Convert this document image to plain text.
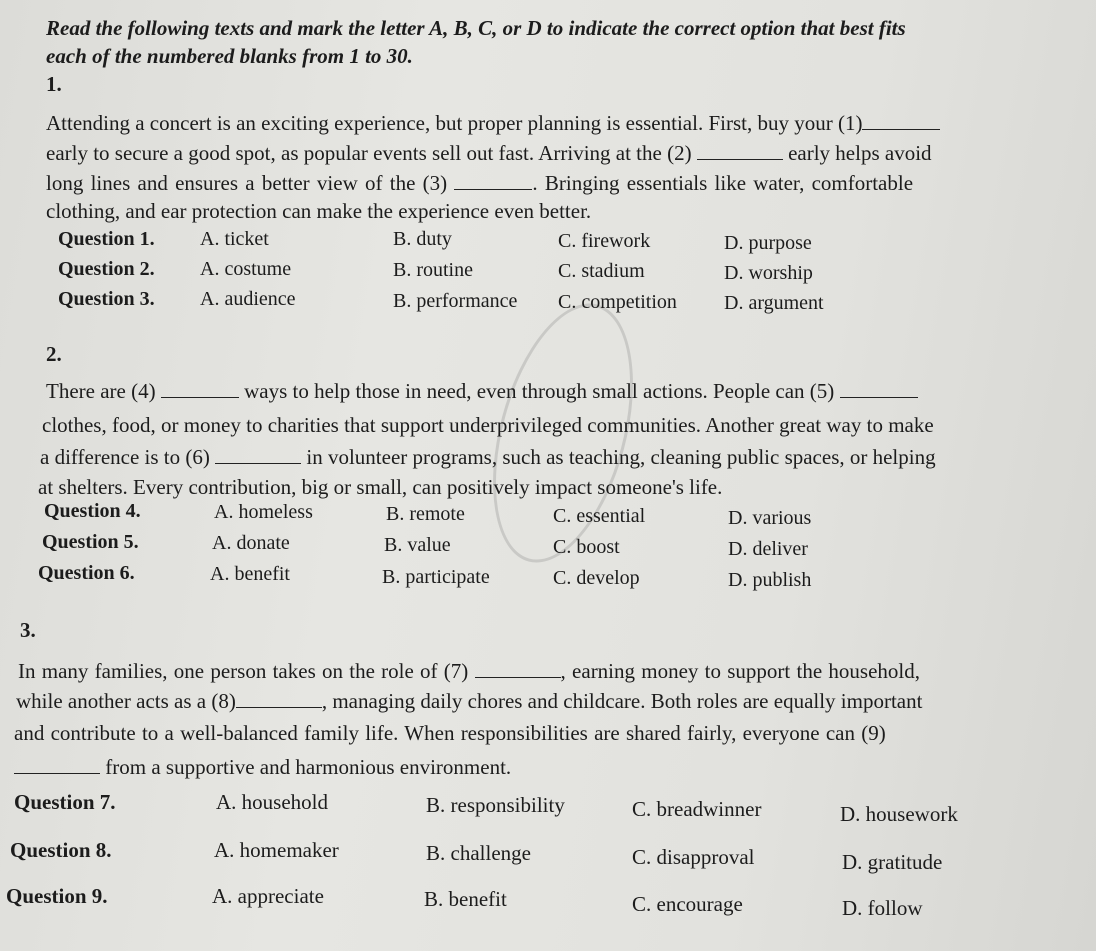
Read the following texts and mark the letter A, B, C, or D to indicate the correct option that best fits
each of the numbered blanks from 1 to 30.
1.
Attending a concert is an exciting experience, but proper planning is essential. First, buy your (1)
early to secure a good spot, as popular events sell out fast. Arriving at the (2)	early helps avoid
long lines and ensures a better view of the (3)	. Bringing essentials like water, comfortable
clothing, and ear protection can make the experience even better.
Question 1. A. ticket	B. duty	C. firework	D. purpose
Question 2. A. costume	B. routine	C. stadium	D. worship
Question 3. A. audience	B. performance C. competition D. argument
2.
There are (4)	ways to help those in need, even through small actions. People can (5)
clothes, food, or money to charities that support underprivileged communities. Another great way to make
a difference is to (6)	in volunteer programs, such as teaching, cleaning public spaces, or helping
at shelters. Every contribution, big or small, can positively impact someone's life.
Question 4.	A. homeless	B. remote	C. essential	D. various
Question 5.	A. donate	B. value	C. boost	D. deliver
Question 6.	A. benefit	B. participate	C. develop	D. publish
3.
In many families, one person takes on the role of (7)	, earning money to support the household,
while another acts as a (8)	, managing daily chores and childcare. Both roles are equally important
and contribute to a well-balanced family life. When responsibilities are shared fairly, everyone can (9)
from a supportive and harmonious environment.
Question 7.	A. household	B. responsibility	C. breadwinner	D. housework
Question 8.	A. homemaker	B. challenge	C. disapproval	D. gratitude
Question 9.	A. appreciate	B. benefit	C. encourage	D. follow
